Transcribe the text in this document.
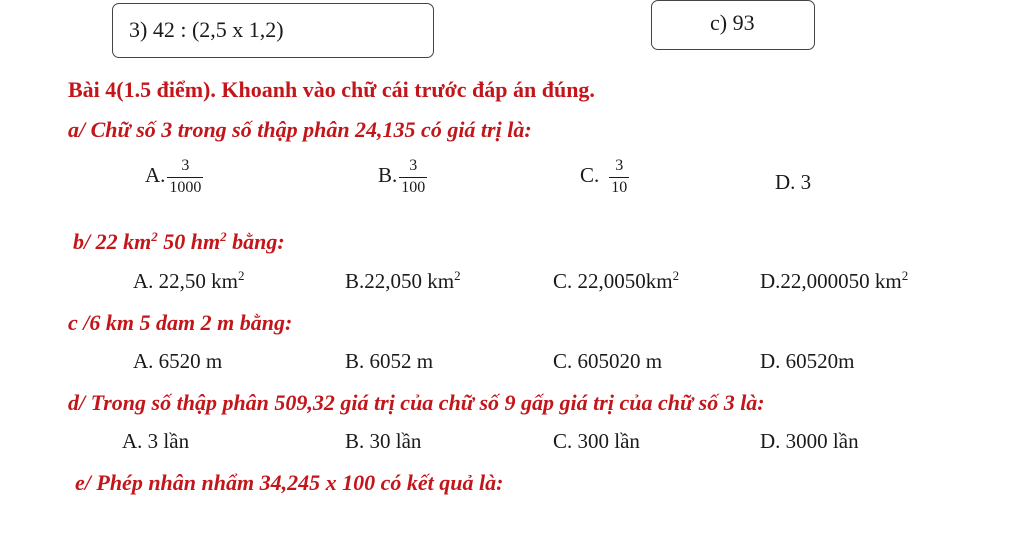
3) 42 : (2,5 x 1,2)	c) 93
Bài 4(1.5 điểm). Khoanh vào chữ cái trước đáp án đúng.
a/ Chữ số 3 trong số thập phân 24,135 có giá trị là:
A. $\frac{3}{1000}$	B. $\frac{3}{100}$	C. $\frac{3}{10}$	D. 3
b/ 22 $km^2$ 50 $hm^2$ bằng:
A. 22,50 $km^2$	B.22,050 $km^2$	C. $22,0050km^2$	D.22,000050 $km^2$
c /6 km 5 dam 2 m bằng:
A. 6520 m	B. 6052 m	C. 605020 m	D. 60520m
d/ Trong số thập phân 509,32 giá trị của chữ số 9 gấp giá trị của chữ số 3 là:
A. 3 lần	B. 30 lần	C. 300 lần	D. 3000 lần
e/ Phép nhân nhẩm 34,245 x 100 có kết quả là:
